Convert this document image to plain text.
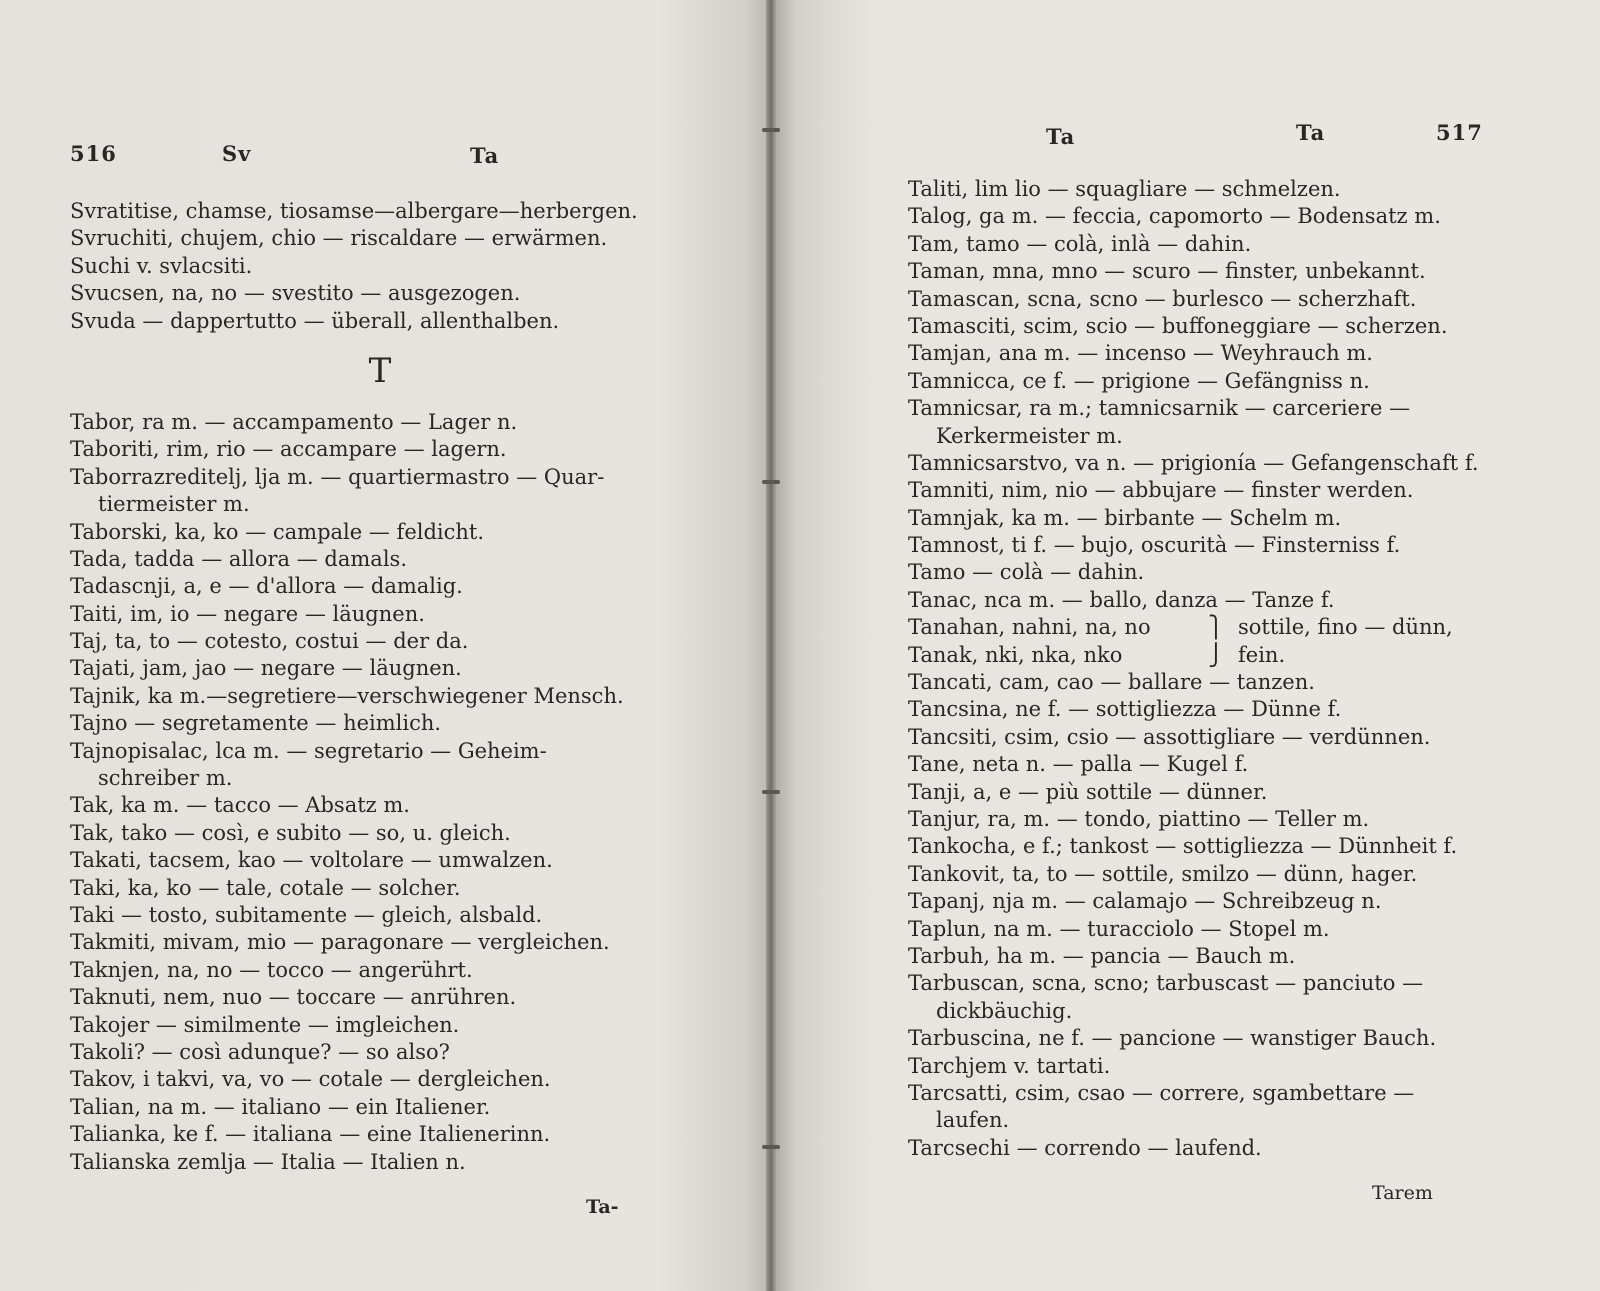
516	Sv	Ta
Svratitise, chamse, tiosamse—albergare—herbergen.
Svruchiti, chujem, chio — riscaldare — erwärmen.
Suchi v. svlacsiti.
Svucsen, na, no — svestito — ausgezogen.
Svuda — dappertutto — überall, allenthalben.
T
Tabor, ra m. — accampamento — Lager n.
Taboriti, rim, rio — accampare — lagern.
Taborrazreditelj, lja m. — quartiermastro — Quar-
tiermeister m.
Taborski, ka, ko — campale — feldicht.
Tada, tadda — allora — damals.
Tadascnji, a, e — d'allora — damalig.
Taiti, im, io — negare — läugnen.
Taj, ta, to — cotesto, costui — der da.
Tajati, jam, jao — negare — läugnen.
Tajnik, ka m.—segretiere—verschwiegener Mensch.
Tajno — segretamente — heimlich.
Tajnopisalac, lca m. — segretario — Geheim-
schreiber m.
Tak, ka m. — tacco — Absatz m.
Tak, tako — così, e subito — so, u. gleich.
Takati, tacsem, kao — voltolare — umwalzen.
Taki, ka, ko — tale, cotale — solcher.
Taki — tosto, subitamente — gleich, alsbald.
Takmiti, mivam, mio — paragonare — vergleichen.
Taknjen, na, no — tocco — angerührt.
Taknuti, nem, nuo — toccare — anrühren.
Takojer — similmente — imgleichen.
Takoli? — così adunque? — so also?
Takov, i takvi, va, vo — cotale — dergleichen.
Talian, na m. — italiano — ein Italiener.
Talianka, ke f. — italiana — eine Italienerinn.
Talianska zemlja — Italia — Italien n.
Ta-
Ta	Ta	517
Taliti, lim lio — squagliare — schmelzen.
Talog, ga m. — feccia, capomorto — Bodensatz m.
Tam, tamo — colà, inlà — dahin.
Taman, mna, mno — scuro — finster, unbekannt.
Tamascan, scna, scno — burlesco — scherzhaft.
Tamasciti, scim, scio — buffoneggiare — scherzen.
Tamjan, ana m. — incenso — Weyhrauch m.
Tamnicca, ce f. — prigione — Gefängniss n.
Tamnicsar, ra m.; tamnicsarnik — carceriere —
Kerkermeister m.
Tamnicsarstvo, va n. — prigionía — Gefangenschaft f.
Tamniti, nim, nio — abbujare — finster werden.
Tamnjak, ka m. — birbante — Schelm m.
Tamnost, ti f. — bujo, oscurità — Finsterniss f.
Tamo — colà — dahin.
Tanac, nca m. — ballo, danza — Tanze f.
Tanahan, nahni, na, no	⎫ sottile, fino — dünn,
Tanak, nki, nka, nko	⎭ fein.
Tancati, cam, cao — ballare — tanzen.
Tancsina, ne f. — sottigliezza — Dünne f.
Tancsiti, csim, csio — assottigliare — verdünnen.
Tane, neta n. — palla — Kugel f.
Tanji, a, e — più sottile — dünner.
Tanjur, ra, m. — tondo, piattino — Teller m.
Tankocha, e f.; tankost — sottigliezza — Dünnheit f.
Tankovit, ta, to — sottile, smilzo — dünn, hager.
Tapanj, nja m. — calamajo — Schreibzeug n.
Taplun, na m. — turacciolo — Stopel m.
Tarbuh, ha m. — pancia — Bauch m.
Tarbuscan, scna, scno; tarbuscast — panciuto —
dickbäuchig.
Tarbuscina, ne f. — pancione — wanstiger Bauch.
Tarchjem v. tartati.
Tarcsatti, csim, csao — correre, sgambettare —
laufen.
Tarcsechi — correndo — laufend.
Tarem
